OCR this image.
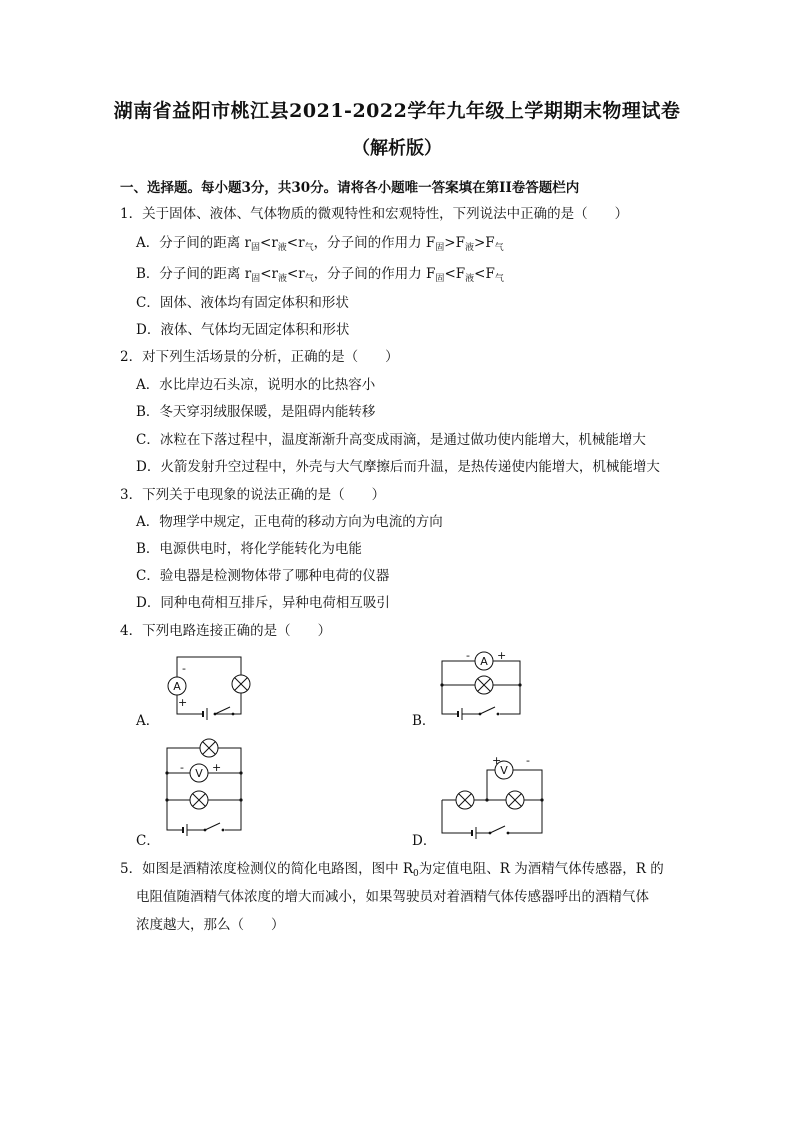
湖南省益阳市桃江县2021-2022学年九年级上学期期末物理试卷
（解析版）
一、选择题。每小题3分，共30分。请将各小题唯一答案填在第II卷答题栏内
1．关于固体、液体、气体物质的微观特性和宏观特性，下列说法中正确的是（　　）
A．分子间的距离 $r_固<r_液<r_气$，分子间的作用力 $F_固>F_液>F_气$
B．分子间的距离 $r_固<r_液<r_气$，分子间的作用力 $F_固<F_液<F_气$
C．固体、液体均有固定体积和形状
D．液体、气体均无固定体积和形状
2．对下列生活场景的分析，正确的是（　　）
A．水比岸边石头凉，说明水的比热容小
B．冬天穿羽绒服保暖，是阻碍内能转移
C．冰粒在下落过程中，温度渐渐升高变成雨滴，是通过做功使内能增大，机械能增大
D．火箭发射升空过程中，外壳与大气摩擦后而升温，是热传递使内能增大，机械能增大
3．下列关于电现象的说法正确的是（　　）
A．物理学中规定，正电荷的移动方向为电流的方向
B．电源供电时，将化学能转化为电能
C．验电器是检测物体带了哪种电荷的仪器
D．同种电荷相互排斥，异种电荷相互吸引
4．下列电路连接正确的是（　　）
A
-
+
A．
A
- +
B．
V
-	+
C．
V
+ -
D．
5．如图是酒精浓度检测仪的简化电路图，图中 $R_0$为定值电阻、R 为酒精气体传感器，R 的
电阻值随酒精气体浓度的增大而减小，如果驾驶员对着酒精气体传感器呼出的酒精气体
浓度越大，那么（　　）
